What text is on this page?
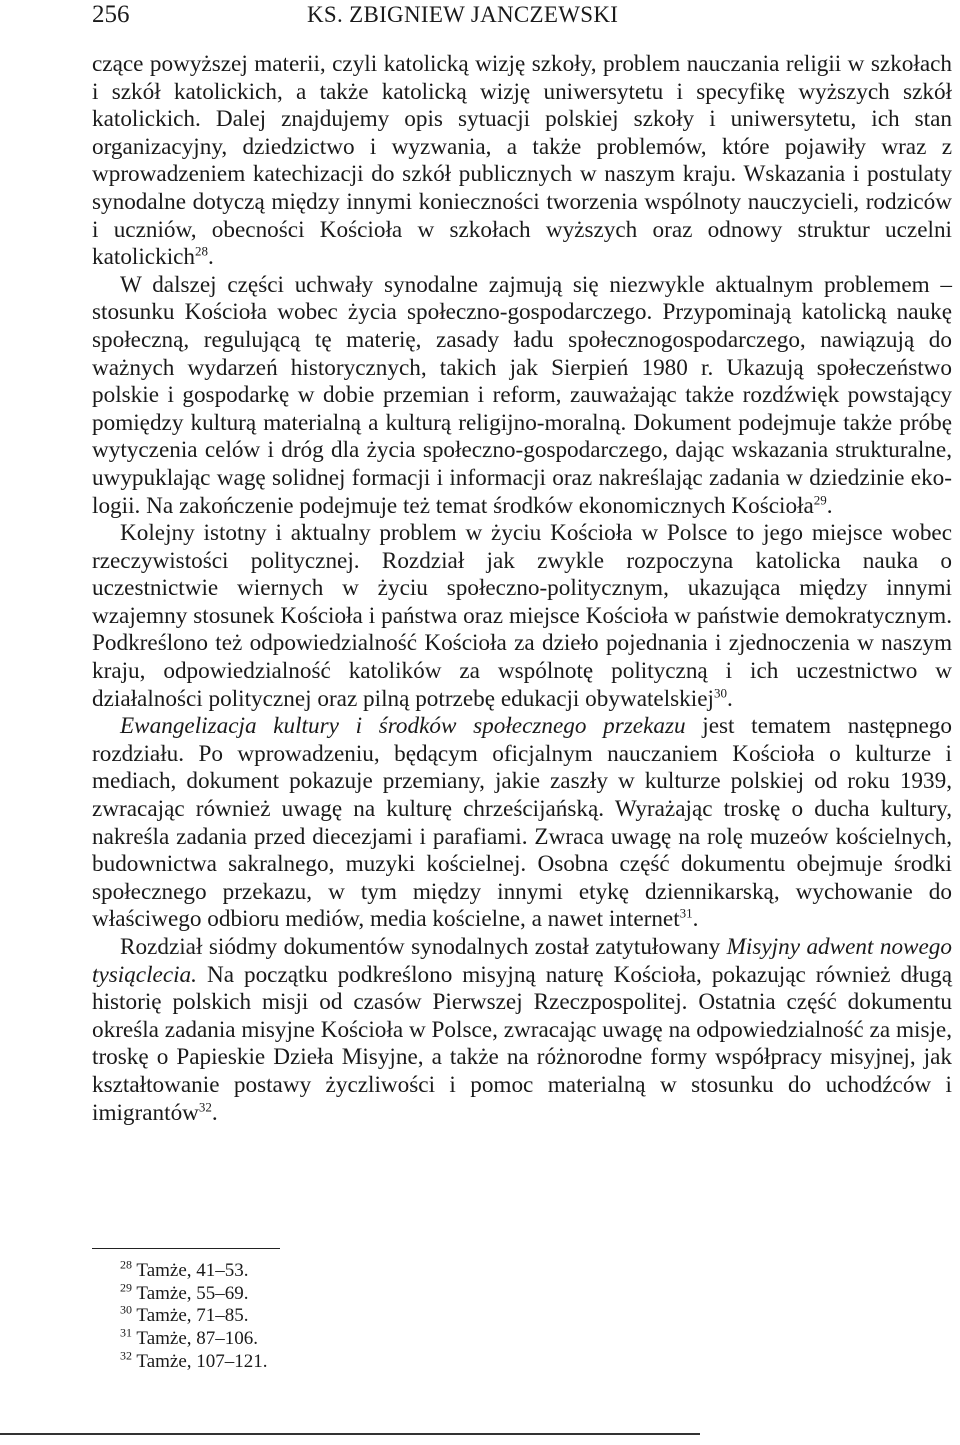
256	KS. ZBIGNIEW JANCZEWSKI

czące powyższej materii, czyli katolicką wizję szkoły, problem nauczania religii w szkołach i szkół katolickich, a także katolicką wizję uniwersytetu i specyfikę wyższych szkół katolickich. Dalej znajdujemy opis sytuacji polskiej szkoły i uniwersytetu, ich stan organizacyjny, dziedzictwo i wyzwania, a także problemów, które pojawiły wraz z wprowadzeniem katechizacji do szkół publicznych w naszym kraju. Wskazania i postulaty synodalne dotyczą między innymi konieczności tworzenia wspólnoty nauczycieli, rodziców i uczniów, obecności Kościoła w szkołach wyższych oraz odnowy struktur uczelni katolickich$^{28}$.

W dalszej części uchwały synodalne zajmują się niezwykle aktualnym problemem – stosunku Kościoła wobec życia społeczno-gospodarczego. Przypominają katolicką naukę społeczną, regulującą tę materię, zasady ładu społecznogospodarczego, nawiązują do ważnych wydarzeń historycznych, takich jak Sierpień 1980 r. Ukazują społeczeństwo polskie i gospodarkę w dobie przemian i reform, zauważając także rozdźwięk powstający pomiędzy kulturą materialną a kulturą religijno-moralną. Dokument podejmuje także próbę wytyczenia celów i dróg dla życia społeczno-gospodarczego, dając wskazania strukturalne, uwypuklając wagę solidnej formacji i informacji oraz nakreślając zadania w dziedzinie ekologii. Na zakończenie podejmuje też temat środków ekonomicznych Kościoła$^{29}$.

Kolejny istotny i aktualny problem w życiu Kościoła w Polsce to jego miejsce wobec rzeczywistości politycznej. Rozdział jak zwykle rozpoczyna katolicka nauka o uczestnictwie wiernych w życiu społeczno-politycznym, ukazująca między innymi wzajemny stosunek Kościoła i państwa oraz miejsce Kościoła w państwie demokratycznym. Podkreślono też odpowiedzialność Kościoła za dzieło pojednania i zjednoczenia w naszym kraju, odpowiedzialność katolików za wspólnotę polityczną i ich uczestnictwo w działalności politycznej oraz pilną potrzebę edukacji obywatelskiej$^{30}$.

Ewangelizacja kultury i środków społecznego przekazu jest tematem następnego rozdziału. Po wprowadzeniu, będącym oficjalnym nauczaniem Kościoła o kulturze i mediach, dokument pokazuje przemiany, jakie zaszły w kulturze polskiej od roku 1939, zwracając również uwagę na kulturę chrześcijańską. Wyrażając troskę o ducha kultury, nakreśla zadania przed diecezjami i parafiami. Zwraca uwagę na rolę muzeów kościelnych, budownictwa sakralnego, muzyki kościelnej. Osobna część dokumentu obejmuje środki społecznego przekazu, w tym między innymi etykę dziennikarską, wychowanie do właściwego odbioru mediów, media kościelne, a nawet internet$^{31}$.

Rozdział siódmy dokumentów synodalnych został zatytułowany Misyjny adwent nowego tysiąclecia. Na początku podkreślono misyjną naturę Kościoła, pokazując również długą historię polskich misji od czasów Pierwszej Rzeczpospolitej. Ostatnia część dokumentu określa zadania misyjne Kościoła w Polsce, zwracając uwagę na odpowiedzialność za misje, troskę o Papieskie Dzieła Misyjne, a także na różnorodne formy współpracy misyjnej, jak kształtowanie postawy życzliwości i pomoc materialną w stosunku do uchodźców i imigrantów$^{32}$.

$^{28}$ Tamże, 41–53.
$^{29}$ Tamże, 55–69.
$^{30}$ Tamże, 71–85.
$^{31}$ Tamże, 87–106.
$^{32}$ Tamże, 107–121.
